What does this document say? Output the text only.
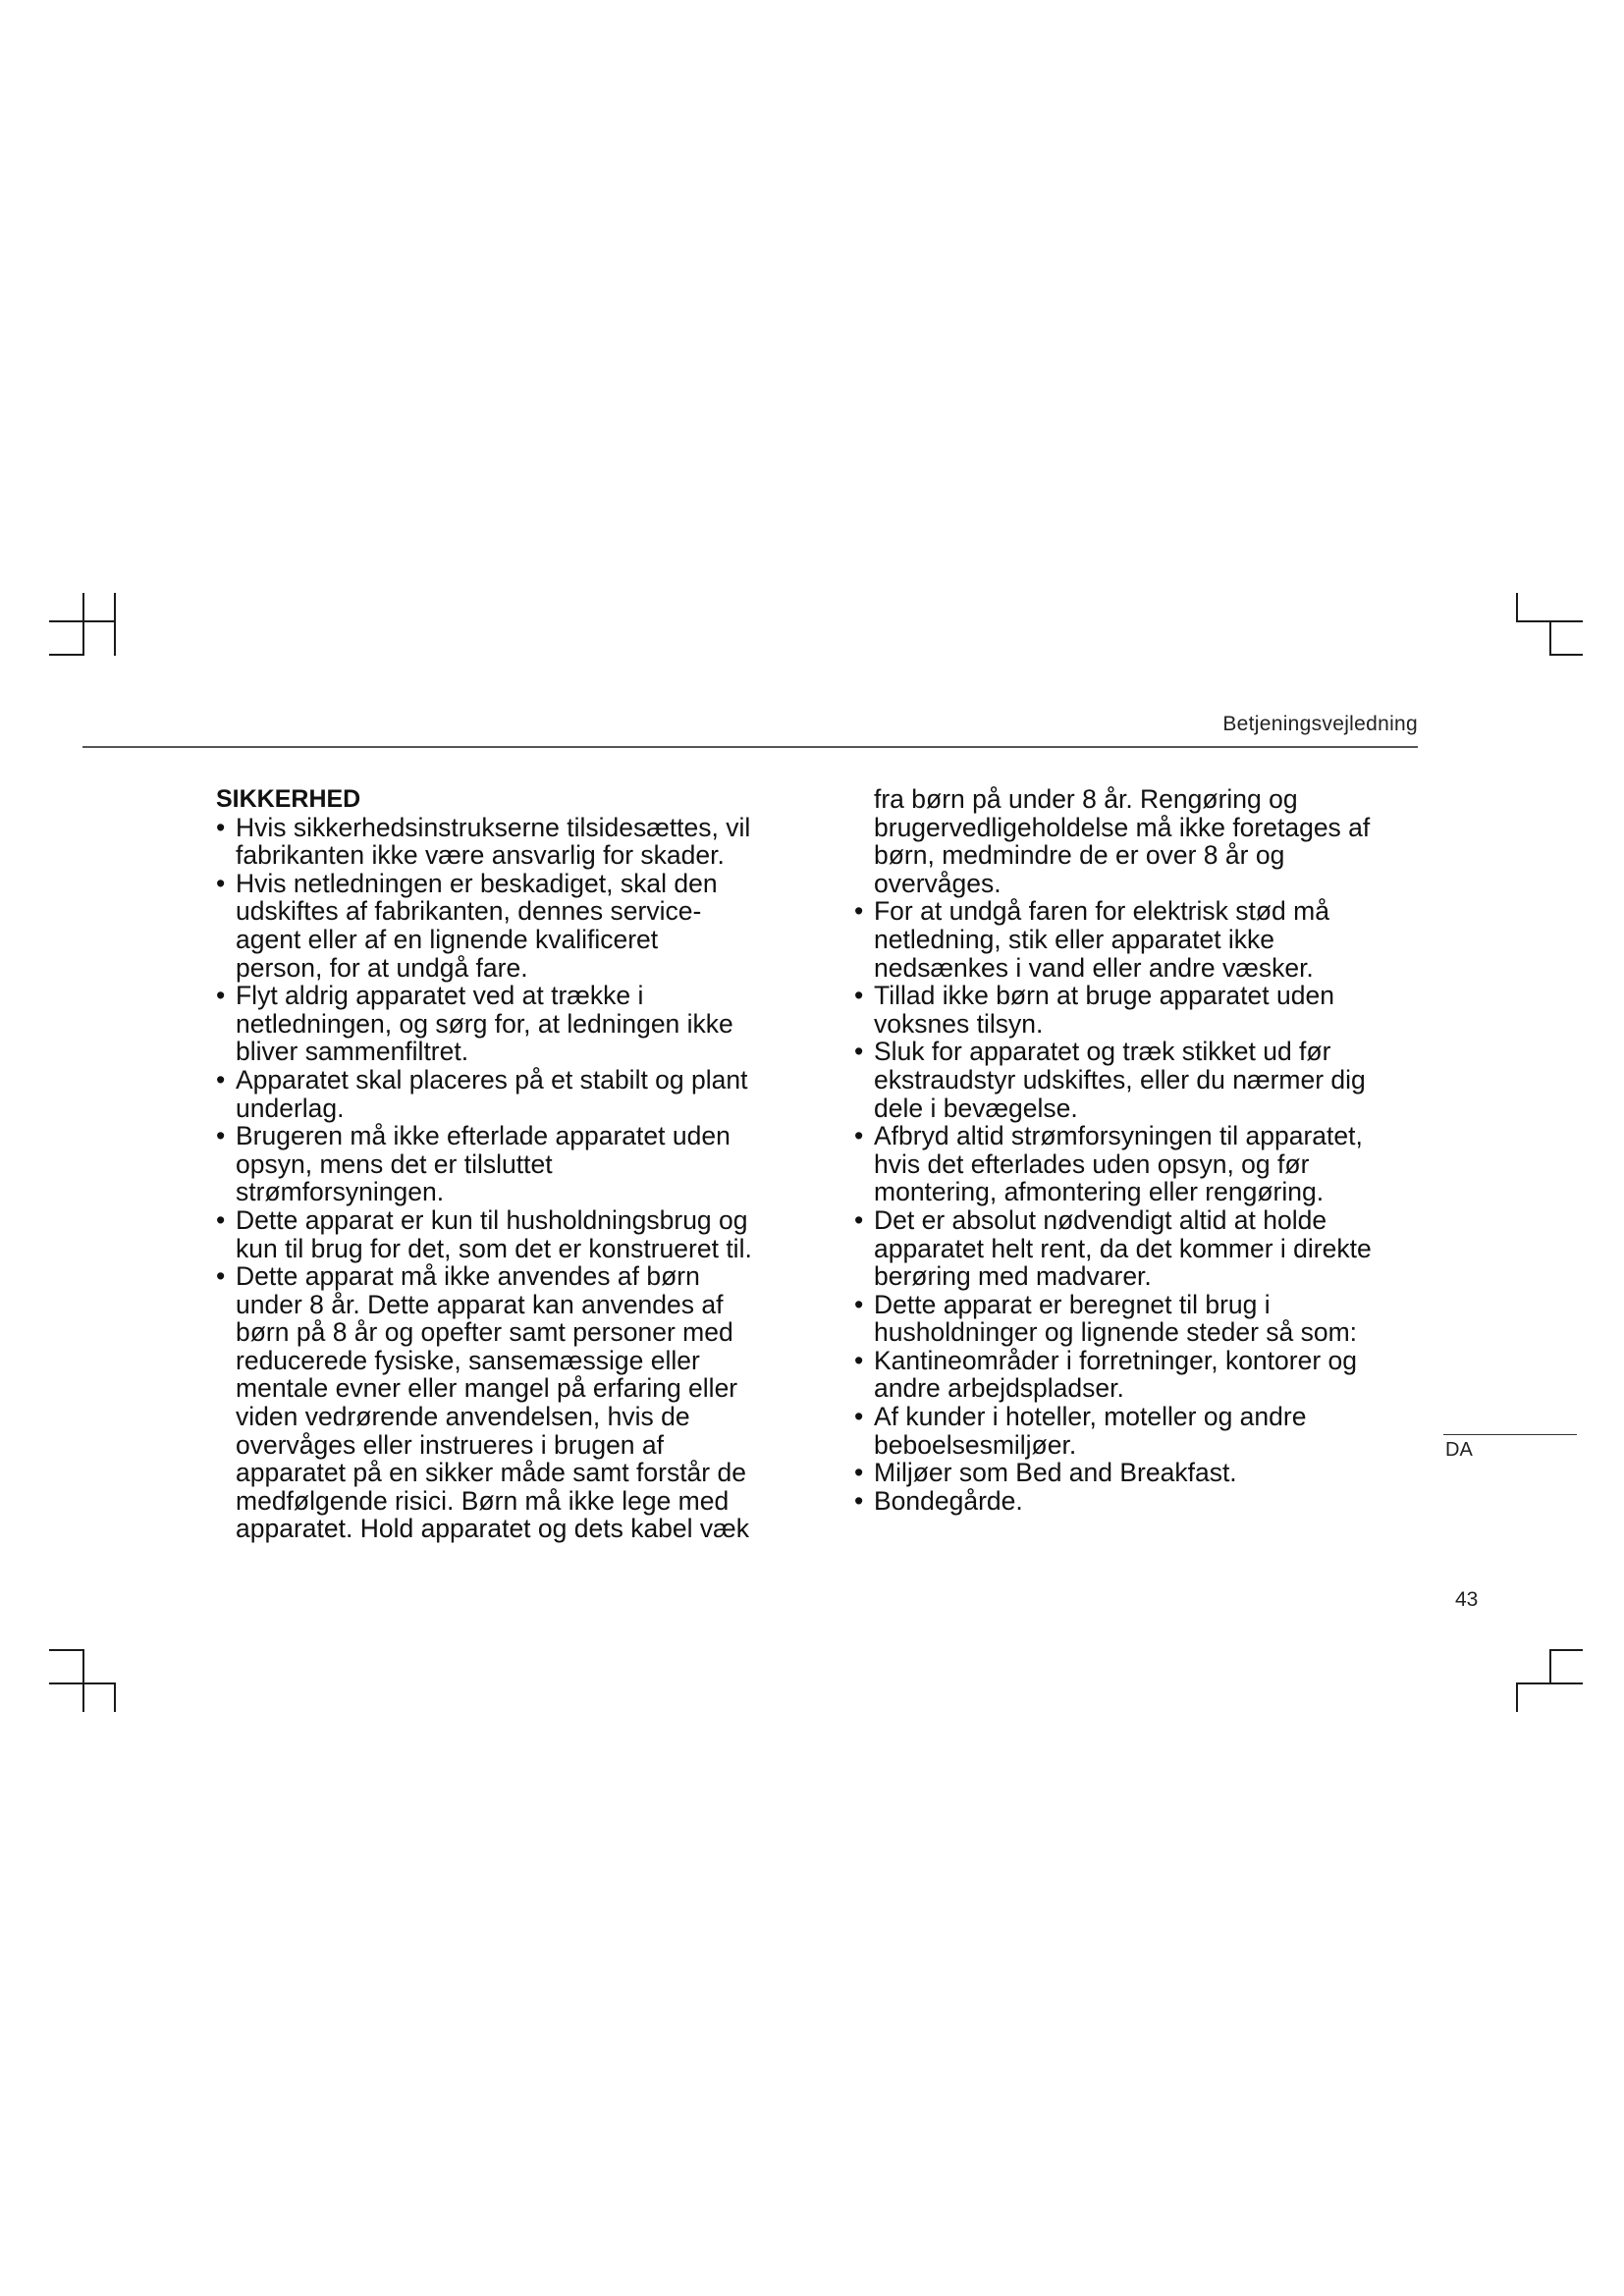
Betjeningsvejledning
SIKKERHED
• Hvis sikkerhedsinstrukserne tilsidesættes, vil
fabrikanten ikke være ansvarlig for skader.
• Hvis netledningen er beskadiget, skal den
udskiftes af fabrikanten, dennes service-
agent eller af en lignende kvalificeret
person, for at undgå fare.
• Flyt aldrig apparatet ved at trække i
netledningen, og sørg for, at ledningen ikke
bliver sammenfiltret.
• Apparatet skal placeres på et stabilt og plant
underlag.
• Brugeren må ikke efterlade apparatet uden
opsyn, mens det er tilsluttet
strømforsyningen.
• Dette apparat er kun til husholdningsbrug og
kun til brug for det, som det er konstrueret til.
• Dette apparat må ikke anvendes af børn
under 8 år. Dette apparat kan anvendes af
børn på 8 år og opefter samt personer med
reducerede fysiske, sansemæssige eller
mentale evner eller mangel på erfaring eller
viden vedrørende anvendelsen, hvis de
overvåges eller instrueres i brugen af
apparatet på en sikker måde samt forstår de
medfølgende risici. Børn må ikke lege med
apparatet. Hold apparatet og dets kabel væk
fra børn på under 8 år. Rengøring og
brugervedligeholdelse må ikke foretages af
børn, medmindre de er over 8 år og
overvåges.
• For at undgå faren for elektrisk stød må
netledning, stik eller apparatet ikke
nedsænkes i vand eller andre væsker.
• Tillad ikke børn at bruge apparatet uden
voksnes tilsyn.
• Sluk for apparatet og træk stikket ud før
ekstraudstyr udskiftes, eller du nærmer dig
dele i bevægelse.
• Afbryd altid strømforsyningen til apparatet,
hvis det efterlades uden opsyn, og før
montering, afmontering eller rengøring.
• Det er absolut nødvendigt altid at holde
apparatet helt rent, da det kommer i direkte
berøring med madvarer.
• Dette apparat er beregnet til brug i
husholdninger og lignende steder så som:
• Kantineområder i forretninger, kontorer og
andre arbejdspladser.
• Af kunder i hoteller, moteller og andre
beboelsesmiljøer.
• Miljøer som Bed and Breakfast.
• Bondegårde.
DA
43
